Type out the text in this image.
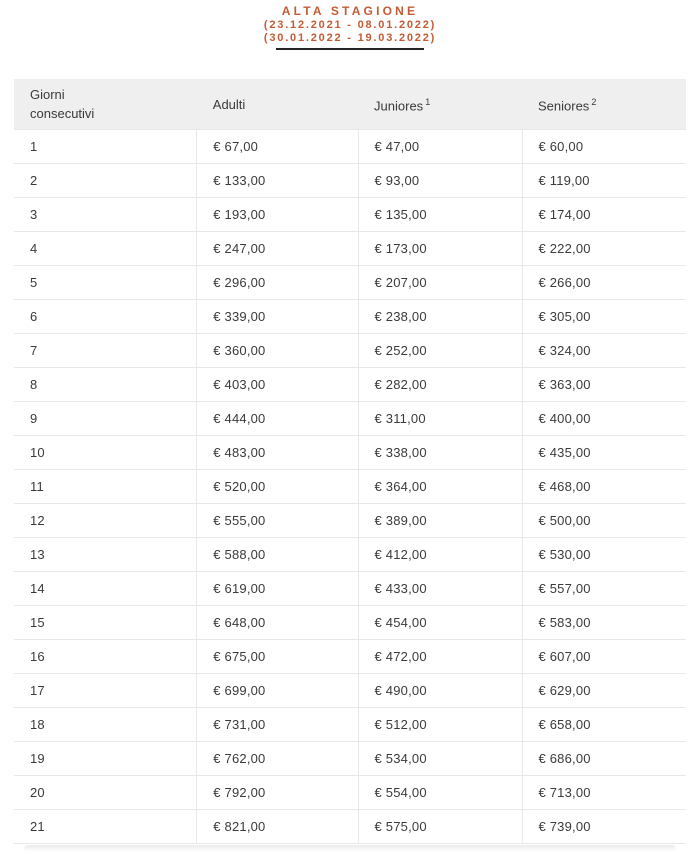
ALTA STAGIONE
(23.12.2021 - 08.01.2022)
(30.01.2022 - 19.03.2022)
Giorni consecutivi	Adulti	Juniores $^1$	Seniores $^2$
1	€ 67,00	€ 47,00	€ 60,00
2	€ 133,00	€ 93,00	€ 119,00
3	€ 193,00	€ 135,00	€ 174,00
4	€ 247,00	€ 173,00	€ 222,00
5	€ 296,00	€ 207,00	€ 266,00
6	€ 339,00	€ 238,00	€ 305,00
7	€ 360,00	€ 252,00	€ 324,00
8	€ 403,00	€ 282,00	€ 363,00
9	€ 444,00	€ 311,00	€ 400,00
10	€ 483,00	€ 338,00	€ 435,00
11	€ 520,00	€ 364,00	€ 468,00
12	€ 555,00	€ 389,00	€ 500,00
13	€ 588,00	€ 412,00	€ 530,00
14	€ 619,00	€ 433,00	€ 557,00
15	€ 648,00	€ 454,00	€ 583,00
16	€ 675,00	€ 472,00	€ 607,00
17	€ 699,00	€ 490,00	€ 629,00
18	€ 731,00	€ 512,00	€ 658,00
19	€ 762,00	€ 534,00	€ 686,00
20	€ 792,00	€ 554,00	€ 713,00
21	€ 821,00	€ 575,00	€ 739,00
